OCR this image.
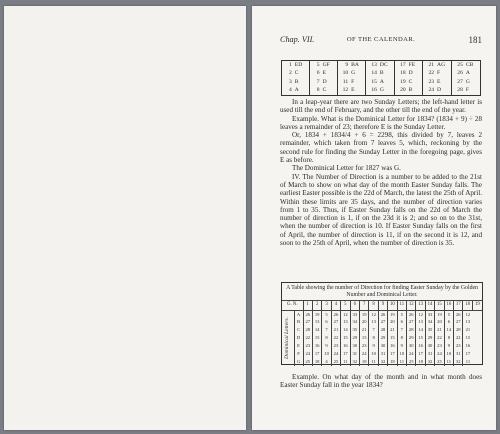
Chap. VII.	OF THE CALENDAR.	181
1	ED	5	GF	9	BA	13	DC	17	FE	21	AG	25	CB
2	C	6	E	10	G	14	B	18	D	22	F	26	A
3	B	7	D	11	F	15	A	19	C	23	E	27	G
4	A	8	C	12	E	16	G	20	B	24	D	28	F

In a leap-year there are two Sunday Letters; the left-hand letter is used till the end of February, and the other till the end of the year.

Example. What is the Dominical Letter for 1834? (1834 + 9) ÷ 28 leaves a remainder of 23; therefore E is the Sunday Letter.

Or, 1834 + 1834/4 + 6 = 2298, this divided by 7, leaves 2 remainder, which taken from 7 leaves 5, which, reckoning by the second rule for finding the Sunday Letter in the foregoing page, gives E as before.

The Dominical Letter for 1827 was G.

IV. The Number of Direction is a number to be added to the 21st of March to show on what day of the month Easter Sunday falls. The earliest Easter possible is the 22d of March, the latest the 25th of April. Within these limits are 35 days, and the number of direction varies from 1 to 35. Thus, if Easter Sunday falls on the 22d of March the number of direction is 1, if on the 23d it is 2; and so on to the 31st, when the number of direction is 10. If Easter Sunday falls on the first of April, the number of direction is 11, if on the second it is 12, and soon to the 25th of April, when the number of direction is 35.

A Table showing the number of Direction for finding Easter Sunday by the Golden Number and Dominical Letter.
G. N.		1	2	3	4	5	6	7	8	9	10	11	12	13	14	15	16	17	18	19

Dominical Letters.	A	26	19	5	26	12	33	19	12	26	19	5	26	12	33	19	5	26	12	
	B	27	13	6	27	13	34	20	13	27	20	6	27	13	34	20	6	27	13	
	C	28	14	7	21	14	35	21	7	28	21	7	28	14	35	21	14	28	21	
	D	22	15	8	22	15	29	15	8	29	15	8	29	15	29	22	8	22	15	
	E	23	16	9	23	16	30	23	9	30	16	9	30	16	30	23	9	23	16	
	F	24	17	10	24	17	31	24	10	31	17	10	24	17	31	24	10	31	17	
	G	25	18	4	25	11	32	18	11	32	18	11	25	18	32	25	11	32	11	

Example. On what day of the month and in what month does Easter Sunday fall in the year 1834?
